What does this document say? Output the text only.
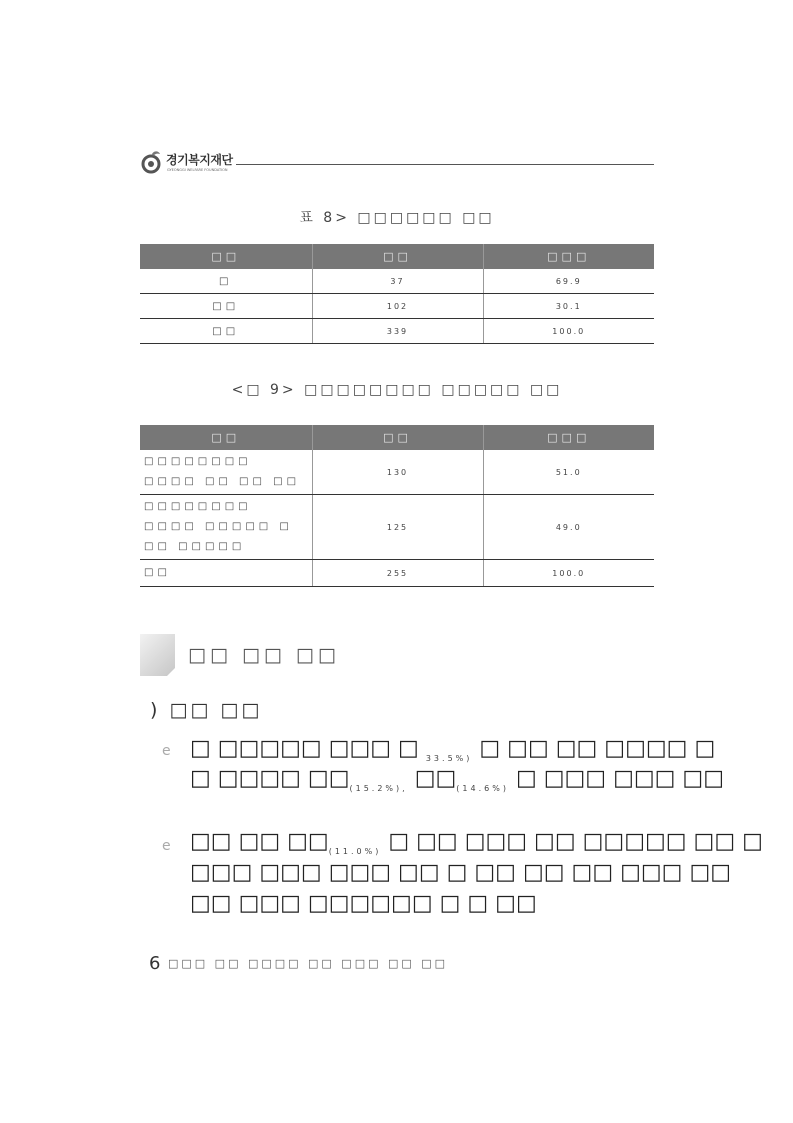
경기복지재단
GYEONGGI WELFARE FOUNDATION
표 8> □□□□□□ □□
□□	□□	□□□
□	37	69.9
□□	102	30.1
□□	339	100.0
<□ 9> □□□□□□□□ □□□□□ □□
□□	□□	□□□
□□□□□□□□ □□□□ □□ □□ □□	130	51.0
□□□□□□□□ □□□□ □□□□□ □ □□ □□□□□	125	49.0
□□	255	100.0
□□ □□ □□
) □□ □□
e □ □□□□□ □□□ □ $_{33.5\%)}$ □ □□ □□ □□□□ □
□ □□□□ $□□_{(15.2\%),}$ $□□_{(14.6\%)}$ □ □□□ □□□ □□
e □□ □□ $□□_{(11.0\%)}$ □ □□ □□□ □□ □□□□□ □□ □
□□□ □□□ □□□ □□ □ □□ □□ □□ □□□ □□
□□ □□□ □□□□□□ □ □ □□
6 □□□ □□ □□□□ □□ □□□ □□ □□
